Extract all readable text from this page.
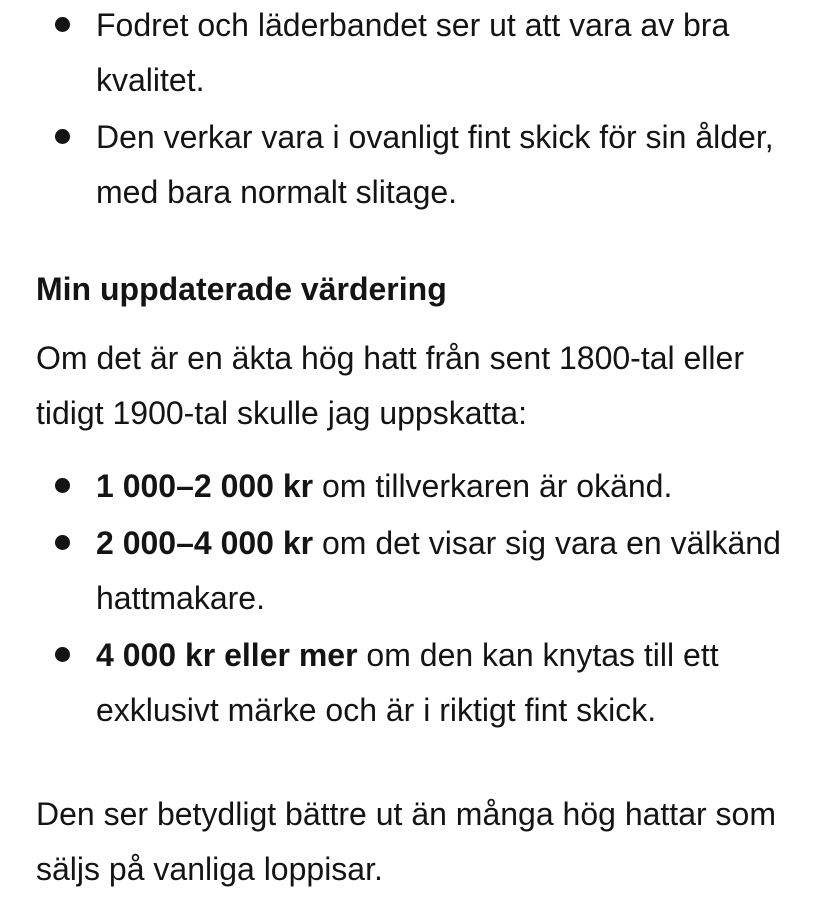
Fodret och läderbandet ser ut att vara av bra kvalitet.
Den verkar vara i ovanligt fint skick för sin ålder, med bara normalt slitage.
Min uppdaterade värdering
Om det är en äkta hög hatt från sent 1800-tal eller tidigt 1900-tal skulle jag uppskatta:
1 000–2 000 kr om tillverkaren är okänd.
2 000–4 000 kr om det visar sig vara en välkänd hattmakare.
4 000 kr eller mer om den kan knytas till ett exklusivt märke och är i riktigt fint skick.
Den ser betydligt bättre ut än många hög hattar som säljs på vanliga loppisar.
